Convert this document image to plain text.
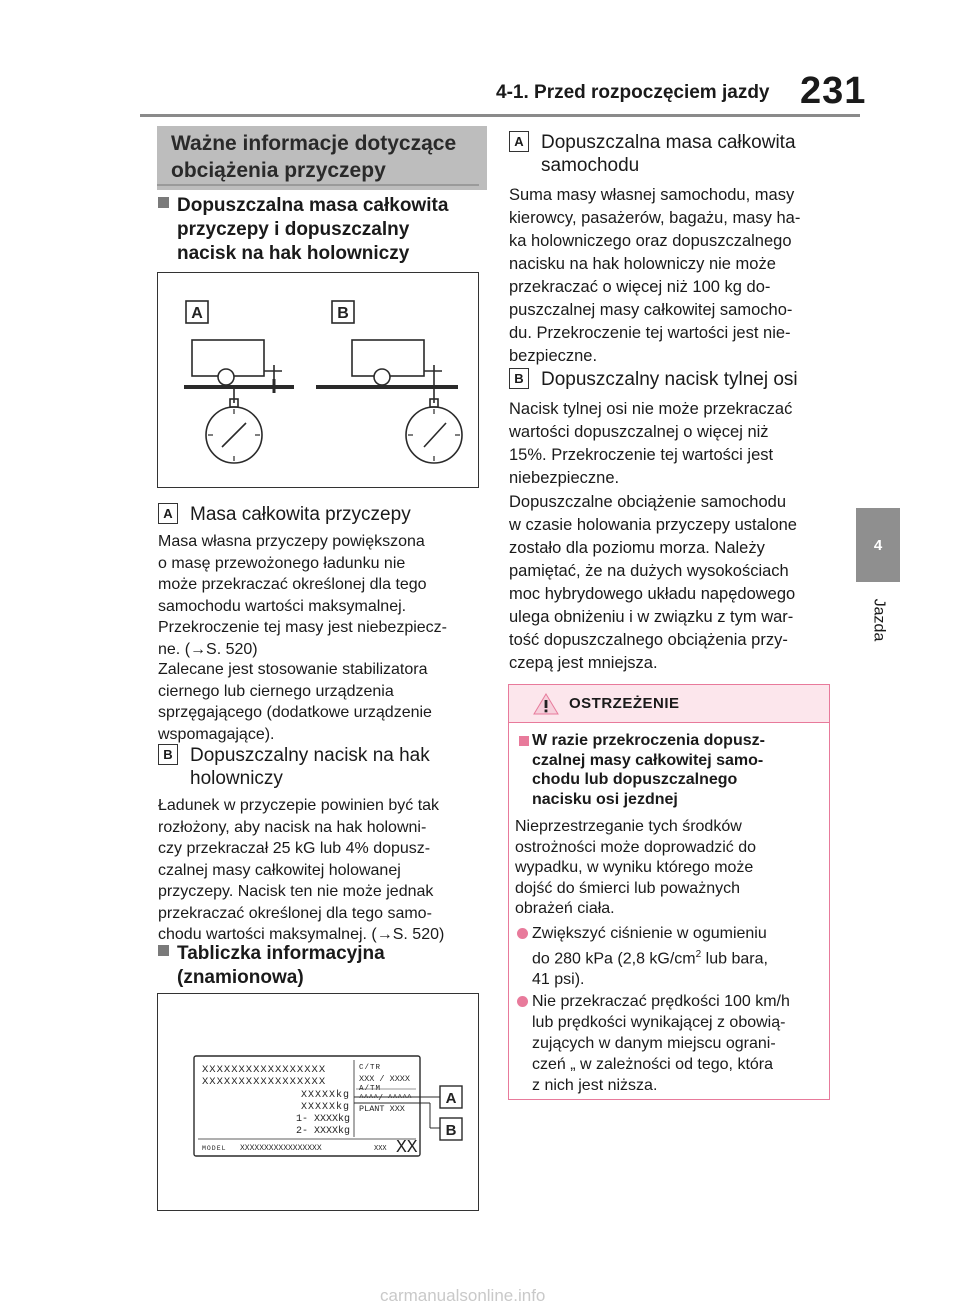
4-1. Przed rozpoczęciem jazdy 231
4
Jazda
Ważne informacje dotyczące
obciążenia przyczepy
Dopuszczalna masa całkowita
przyczepy i dopuszczalny
nacisk na hak holowniczy
A	B
A Masa całkowita przyczepy
Masa własna przyczepy powiększona
o masę przewożonego ładunku nie
może przekraczać określonej dla tego
samochodu wartości maksymalnej.
Przekroczenie tej masy jest niebezpiecz-
ne. (→S. 520)
Zalecane jest stosowanie stabilizatora
ciernego lub ciernego urządzenia
sprzęgającego (dodatkowe urządzenie
wspomagające).
B Dopuszczalny nacisk na hak
holowniczy
Ładunek w przyczepie powinien być tak
rozłożony, aby nacisk na hak holowni-
czy przekraczał 25 kG lub 4% dopusz-
czalnej masy całkowitej holowanej
przyczepy. Nacisk ten nie może jednak
przekraczać określonej dla tego samo-
chodu wartości maksymalnej. (→S. 520)
Tabliczka informacyjna
(znamionowa)
XXXXXXXXXXXXXXXXX
XXXXXXXXXXXXXXXXX
XXXXXkg
XXXXXkg
1- XXXXkg
2- XXXXkg
C/TR
XXX / XXXX
A/TM
^^^^/ ^^^^^
PLANT XXX
MODEL XXXXXXXXXXXXXXXXX	XXX XX
A
B
A Dopuszczalna masa całkowita
samochodu
Suma masy własnej samochodu, masy
kierowcy, pasażerów, bagażu, masy ha-
ka holowniczego oraz dopuszczalnego
nacisku na hak holowniczy nie może
przekraczać o więcej niż 100 kg do-
puszczalnej masy całkowitej samocho-
du. Przekroczenie tej wartości jest nie-
bezpieczne.
B Dopuszczalny nacisk tylnej osi
Nacisk tylnej osi nie może przekraczać
wartości dopuszczalnej o więcej niż
15%. Przekroczenie tej wartości jest
niebezpieczne.
Dopuszczalne obciążenie samochodu
w czasie holowania przyczepy ustalone
zostało dla poziomu morza. Należy
pamiętać, że na dużych wysokościach
moc hybrydowego układu napędowego
ulega obniżeniu i w związku z tym war-
tość dopuszczalnego obciążenia przy-
czepą jest mniejsza.
OSTRZEŻENIE
W razie przekroczenia dopusz-
czalnej masy całkowitej samo-
chodu lub dopuszczalnego
nacisku osi jezdnej
Nieprzestrzeganie tych środków
ostrożności może doprowadzić do
wypadku, w wyniku którego może
dojść do śmierci lub poważnych
obrażeń ciała.
Zwiększyć ciśnienie w ogumieniu
do 280 kPa (2,8 $kG/cm^2$ lub bara,
41 psi).
Nie przekraczać prędkości 100 km/h
lub prędkości wynikającej z obowią-
zujących w danym miejscu ograni-
czeń „ w zależności od tego, która
z nich jest niższa.
carmanualsonline.info
